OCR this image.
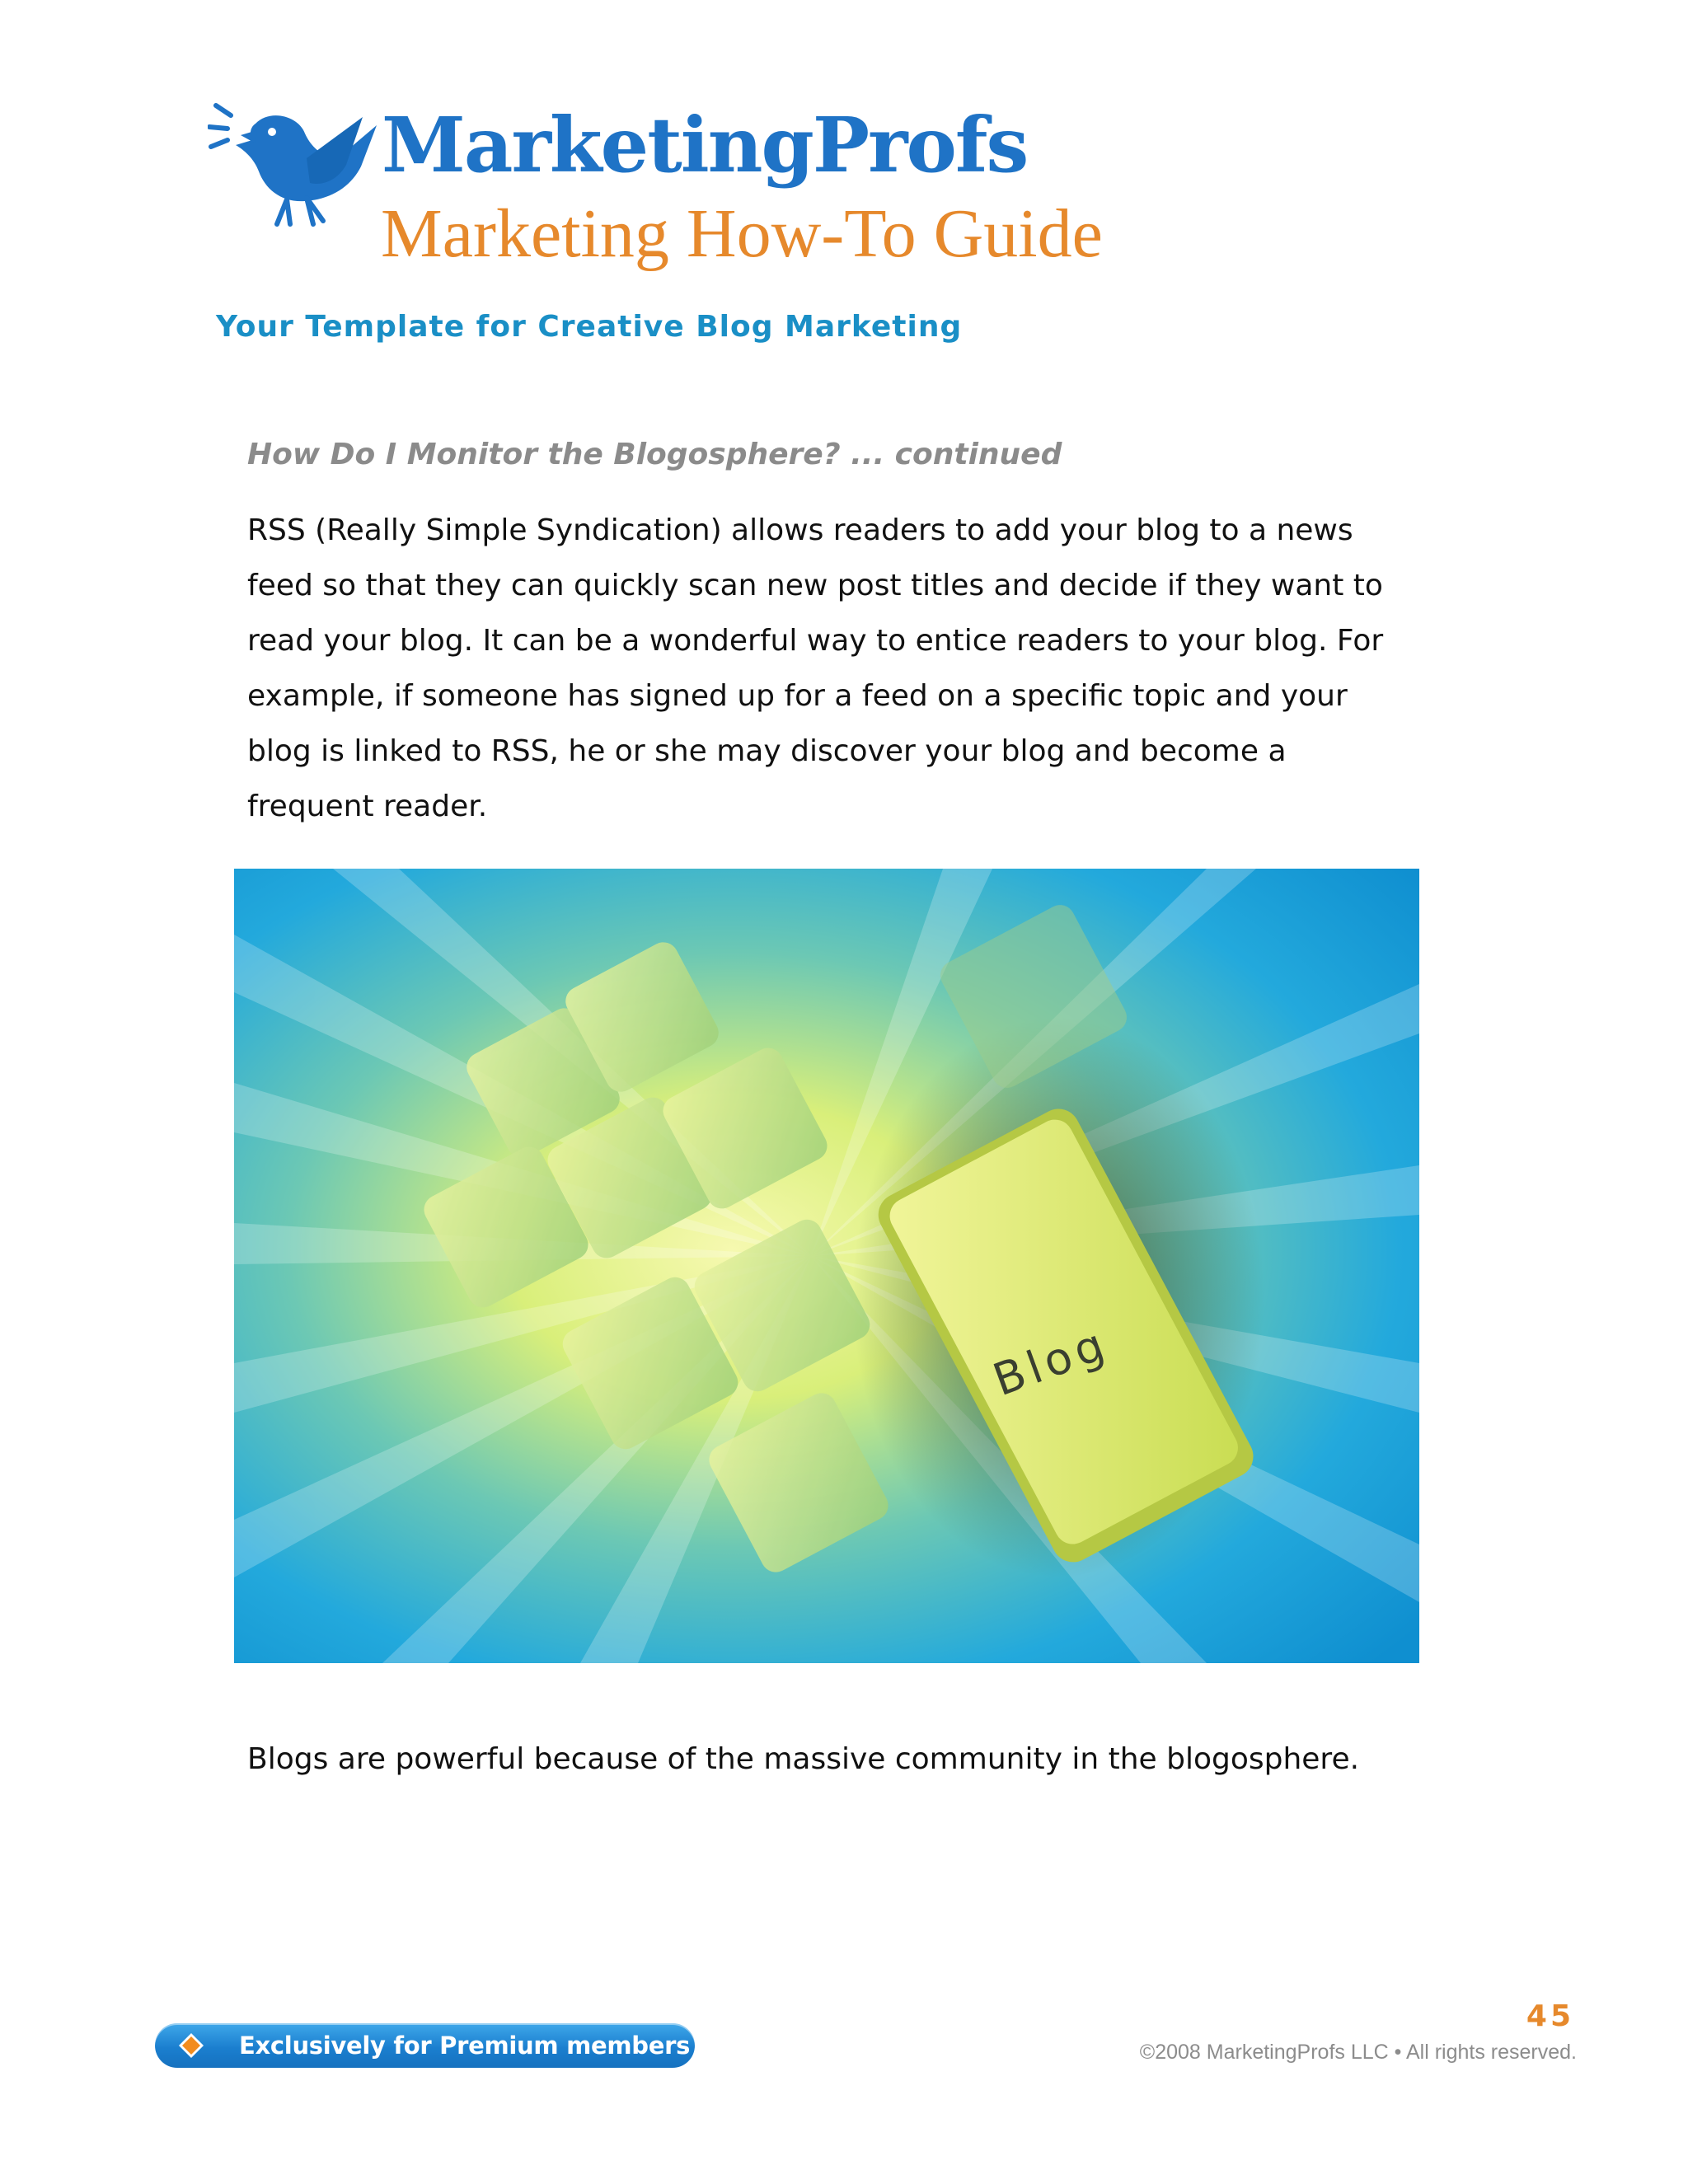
MarketingProfs
Marketing How-To Guide
Your Template for Creative Blog Marketing
How Do I Monitor the Blogosphere? ... continued
RSS (Really Simple Syndication) allows readers to add your blog to a news
feed so that they can quickly scan new post titles and decide if they want to
read your blog. It can be a wonderful way to entice readers to your blog. For
example, if someone has signed up for a feed on a specific topic and your
blog is linked to RSS, he or she may discover your blog and become a
frequent reader.
Blog
Blogs are powerful because of the massive community in the blogosphere.
Exclusively for Premium members
45
©2008 MarketingProfs LLC • All rights reserved.
